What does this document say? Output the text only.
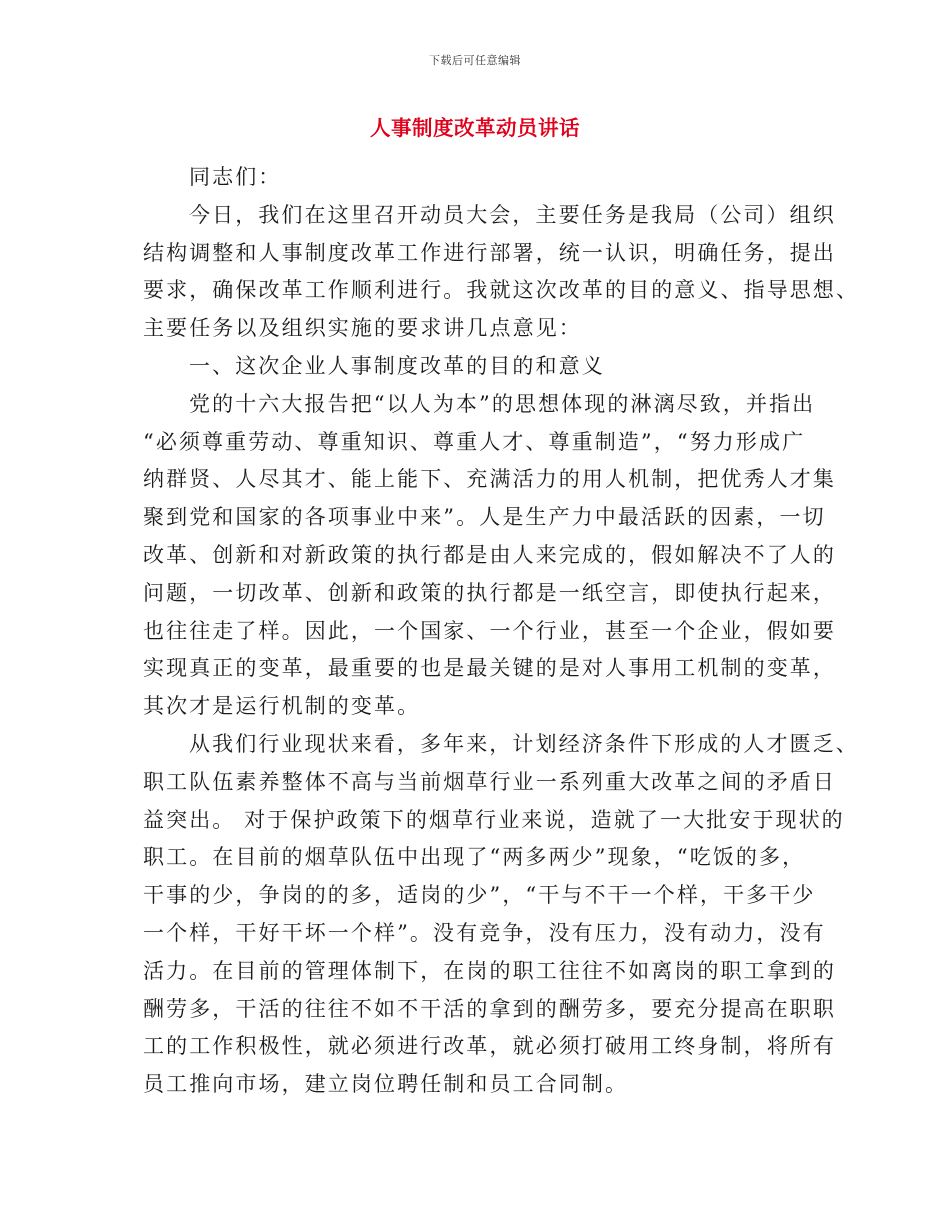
下载后可任意编辑
人事制度改革动员讲话
同志们：
今日，我们在这里召开动员大会，主要任务是我局（公司）组织
结构调整和人事制度改革工作进行部署，统一认识，明确任务，提出
要求，确保改革工作顺利进行。我就这次改革的目的意义、指导思想、
主要任务以及组织实施的要求讲几点意见：
一、这次企业人事制度改革的目的和意义
党的十六大报告把“以人为本”的思想体现的淋漓尽致，并指出
“必须尊重劳动、尊重知识、尊重人才、尊重制造”，“努力形成广
纳群贤、人尽其才、能上能下、充满活力的用人机制，把优秀人才集
聚到党和国家的各项事业中来”。人是生产力中最活跃的因素，一切
改革、创新和对新政策的执行都是由人来完成的，假如解决不了人的
问题，一切改革、创新和政策的执行都是一纸空言，即使执行起来，
也往往走了样。因此，一个国家、一个行业，甚至一个企业，假如要
实现真正的变革，最重要的也是最关键的是对人事用工机制的变革，
其次才是运行机制的变革。
从我们行业现状来看，多年来，计划经济条件下形成的人才匮乏、
职工队伍素养整体不高与当前烟草行业一系列重大改革之间的矛盾日
益突出。 对于保护政策下的烟草行业来说，造就了一大批安于现状的
职工。在目前的烟草队伍中出现了“两多两少”现象，“吃饭的多，
干事的少，争岗的的多，适岗的少”，“干与不干一个样，干多干少
一个样，干好干坏一个样”。没有竞争，没有压力，没有动力，没有
活力。在目前的管理体制下，在岗的职工往往不如离岗的职工拿到的
酬劳多，干活的往往不如不干活的拿到的酬劳多，要充分提高在职职
工的工作积极性，就必须进行改革，就必须打破用工终身制，将所有
员工推向市场，建立岗位聘任制和员工合同制。
